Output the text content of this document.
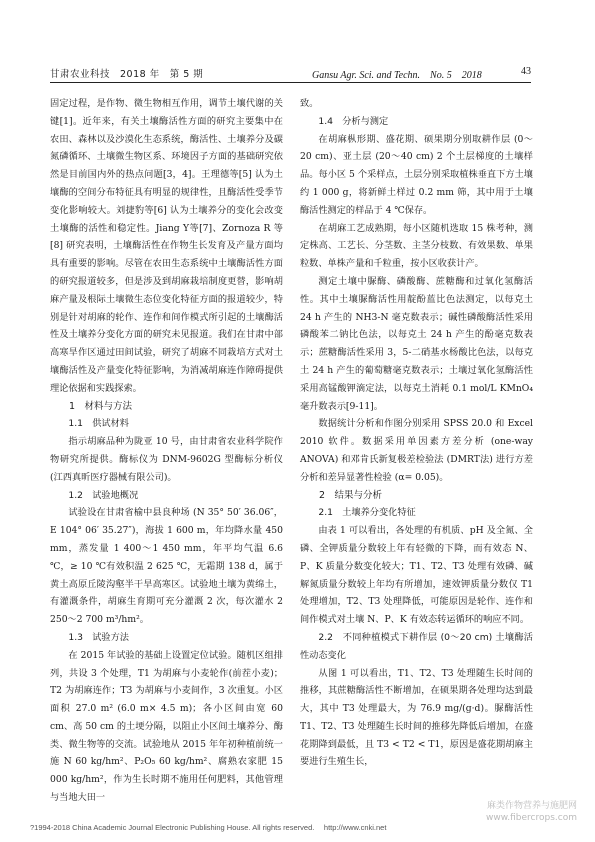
甘肃农业科技　2018 年　第 5 期	Gansu Agr. Sci. and Techn.　No. 5　2018	43

固定过程，是作物、微生物相互作用，调节土壤代谢的关键[1]。近年来，有关土壤酶活性方面的研究主要集中在农田、森林以及沙漠化生态系统，酶活性、土壤养分及碳氮磷循环、土壤微生物区系、环境因子方面的基础研究依然是目前国内外的热点问题[3，4]。王理德等[5] 认为土壤酶的空间分布特征具有明显的规律性，且酶活性受季节变化影响较大。刘捷豹等[6] 认为土壤养分的变化会改变土壤酶的活性和稳定性。Jiang Y等[7]、Zornoza R 等[8] 研究表明，土壤酶活性在作物生长发育及产量方面均具有重要的影响。尽管在农田生态系统中土壤酶活性方面的研究报道较多，但是涉及到胡麻栽培制度更替，影响胡麻产量及根际土壤微生态位变化特征方面的报道较少，特别是针对胡麻的轮作、连作和间作模式所引起的土壤酶活性及土壤养分变化方面的研究未见报道。我们在甘肃中部高寒旱作区通过田间试验，研究了胡麻不同栽培方式对土壤酶活性及产量变化特征影响，为消减胡麻连作障碍提供理论依据和实践探索。

1　材料与方法

1.1　供试材料

指示胡麻品种为陇亚 10 号，由甘肃省农业科学院作物研究所提供。酶标仪为 DNM-9602G 型酶标分析仪(江西真昕医疗器械有限公司)。

1.2　试验地概况

试验设在甘肃省榆中县良种场 (N 35° 50′ 36.06″，E 104° 06′ 35.27″)，海拔 1 600 m，年均降水量 450 mm，蒸发量 1 400～1 450 mm，年平均气温 6.6 ℃，≥ 10 ℃有效积温 2 625 ℃，无霜期 138 d，属于黄土高原丘陵沟壑半干旱高寒区。试验地土壤为黄绵土，有灌溉条件，胡麻生育期可充分灌溉 2 次，每次灌水 2 250～2 700 m³/hm²。

1.3　试验方法

在 2015 年试验的基础上设置定位试验。随机区组排列，共设 3 个处理，T1 为胡麻与小麦轮作(前茬小麦)；T2 为胡麻连作；T3 为胡麻与小麦间作，3 次重复。小区面积 27.0 m² (6.0 m× 4.5 m)；各小区间由宽 60 cm、高 50 cm 的土埂分隔，以阻止小区间土壤养分、酶类、微生物等的交流。试验地从 2015 年年初种植前统一施 N 60 kg/hm²、P₂O₅ 60 kg/hm²、腐熟农家肥 15 000 kg/hm²，作为生长时期不施用任何肥料，其他管理与当地大田一

致。

1.4　分析与测定

在胡麻枞形期、盛花期、硕果期分别取耕作层 (0～20 cm)、亚土层 (20～40 cm) 2 个土层梯度的土壤样品。每小区 5 个采样点，土层分别采取植株垂直下方土壤约 1 000 g，将新鲜土样过 0.2 mm 筛，其中用于土壤酶活性测定的样品于 4 ℃保存。

在胡麻工艺成熟期，每小区随机选取 15 株考种，测定株高、工艺长、分茎数、主茎分枝数、有效果数、单果粒数、单株产量和千粒重，按小区收获计产。

测定土壤中脲酶、磷酸酶、蔗糖酶和过氧化氢酶活性。其中土壤脲酶活性用靛酚蓝比色法测定，以每克土 24 h 产生的 NH3-N 毫克数表示；碱性磷酸酶活性采用磷酸苯二钠比色法，以每克土 24 h 产生的酚毫克数表示；蔗糖酶活性采用 3，5-二硝基水杨酸比色法，以每克土 24 h 产生的葡萄糖毫克数表示；土壤过氧化氢酶活性采用高锰酸钾滴定法，以每克土消耗 0.1 mol/L KMnO₄ 毫升数表示[9-11]。

数据统计分析和作图分别采用 SPSS 20.0 和 Excel 2010 软件。数据采用单因素方差分析 (one-way ANOVA) 和邓肯氏新复极差检验法 (DMRT法) 进行方差分析和差异显著性检验 (α= 0.05)。

2　结果与分析

2.1　土壤养分变化特征

由表 1 可以看出，各处理的有机质、pH 及全氮、全磷、全钾质量分数较上年有轻微的下降，而有效态 N、P、K 质量分数变化较大；T1、T2、T3 处理有效磷、碱解氮质量分数较上年均有所增加，速效钾质量分数仅 T1 处理增加，T2、T3 处理降低，可能原因是轮作、连作和间作模式对土壤 N、P、K 有效态转运循环的响应不同。

2.2　不同种植模式下耕作层 (0～20 cm) 土壤酶活性动态变化

从图 1 可以看出，T1、T2、T3 处理随生长时间的推移，其蔗糖酶活性不断增加，在硕果期各处理均达到最大，其中 T3 处理最大，为 76.9 mg/(g·d)。脲酶活性 T1、T2、T3 处理随生长时间的推移先降低后增加，在盛花期降到最低，且 T3 < T2 < T1，原因是盛花期胡麻主要进行生殖生长，

麻类作物营养与施肥网
www.fibercrops.com
?1994-2018 China Academic Journal Electronic Publishing House. All rights reserved.　 http://www.cnki.net
